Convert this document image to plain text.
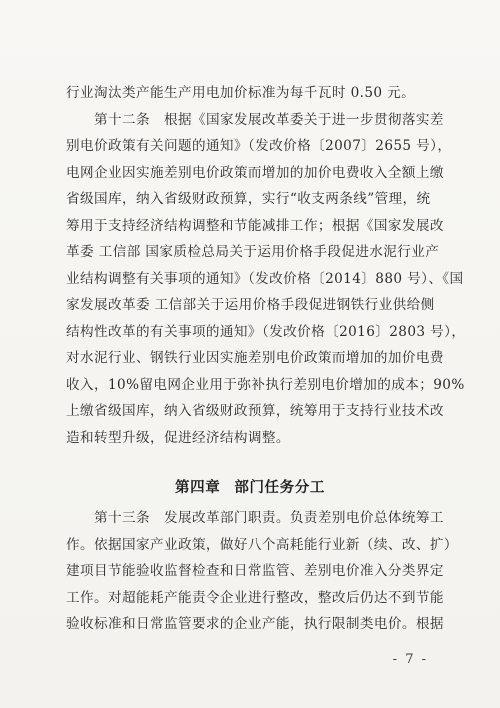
行业淘汰类产能生产用电加价标准为每千瓦时 0.50 元。
第十二条　根据《国家发展改革委关于进一步贯彻落实差
别电价政策有关问题的通知》（发改价格〔2007〕2655 号），
电网企业因实施差别电价政策而增加的加价电费收入全额上缴
省级国库，纳入省级财政预算，实行“收支两条线”管理，统
筹用于支持经济结构调整和节能减排工作；根据《国家发展改
革委 工信部 国家质检总局关于运用价格手段促进水泥行业产
业结构调整有关事项的通知》（发改价格〔2014〕880 号）、《国
家发展改革委 工信部关于运用价格手段促进钢铁行业供给侧
结构性改革的有关事项的通知》（发改价格〔2016〕2803 号），
对水泥行业、钢铁行业因实施差别电价政策而增加的加价电费
收入，10%留电网企业用于弥补执行差别电价增加的成本；90%
上缴省级国库，纳入省级财政预算，统筹用于支持行业技术改
造和转型升级，促进经济结构调整。
第四章 部门任务分工
第十三条　发展改革部门职责。负责差别电价总体统筹工
作。依据国家产业政策，做好八个高耗能行业新（续、改、扩）
建项目节能验收监督检查和日常监管、差别电价准入分类界定
工作。对超能耗产能责令企业进行整改，整改后仍达不到节能
验收标准和日常监管要求的企业产能，执行限制类电价。根据
- 7 -
